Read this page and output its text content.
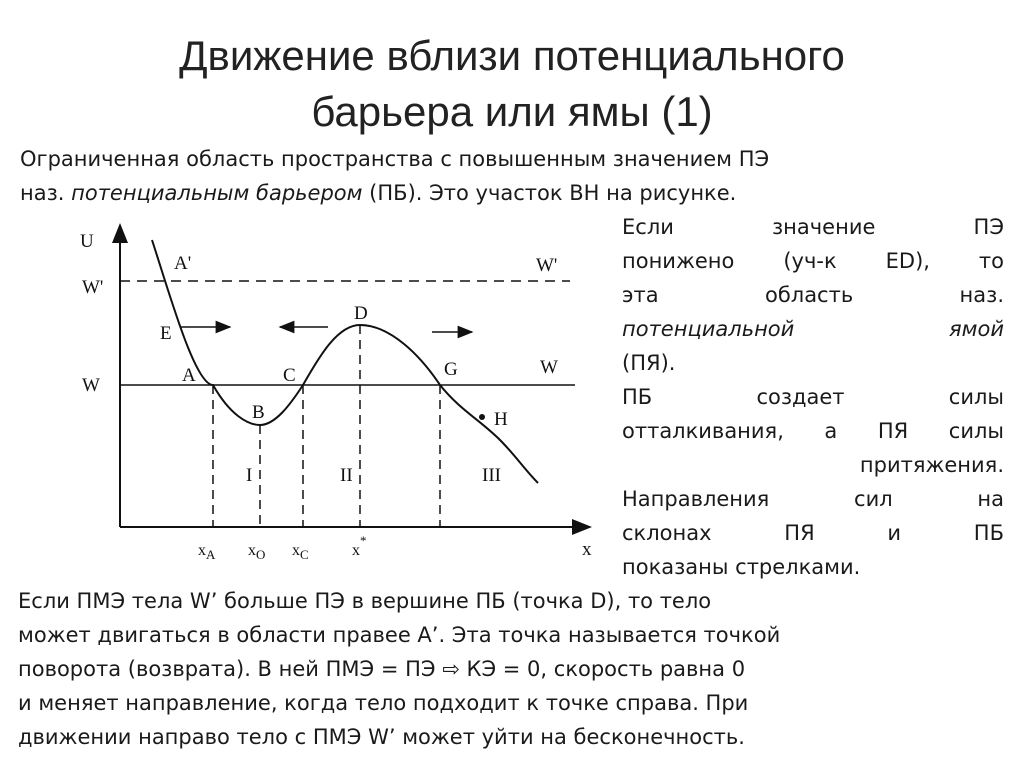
Движение вблизи потенциального
барьера или ямы (1)
Ограниченная область пространства с повышенным значением ПЭ
наз. потенциальным барьером (ПБ). Это участок BH на рисунке.
U
x
W'
W'
W
W
A'
E
A
B
C
D
G
H
I	II	III
$x_A$ $x_O$ $x_C$	x*
Если значение ПЭ
понижено (уч-к ED), то
эта область наз.
потенциальной ямой
(ПЯ).
ПБ создает силы
отталкивания, а ПЯ силы
притяжения.
Направления сил на
склонах ПЯ и ПБ
показаны стрелками.
Если ПМЭ тела W’ больше ПЭ в вершине ПБ (точка D), то тело
может двигаться в области правее A’. Эта точка называется точкой
поворота (возврата). В ней ПМЭ = ПЭ ⇨ КЭ = 0, скорость равна 0
и меняет направление, когда тело подходит к точке справа. При
движении направо тело с ПМЭ W’ может уйти на бесконечность.
